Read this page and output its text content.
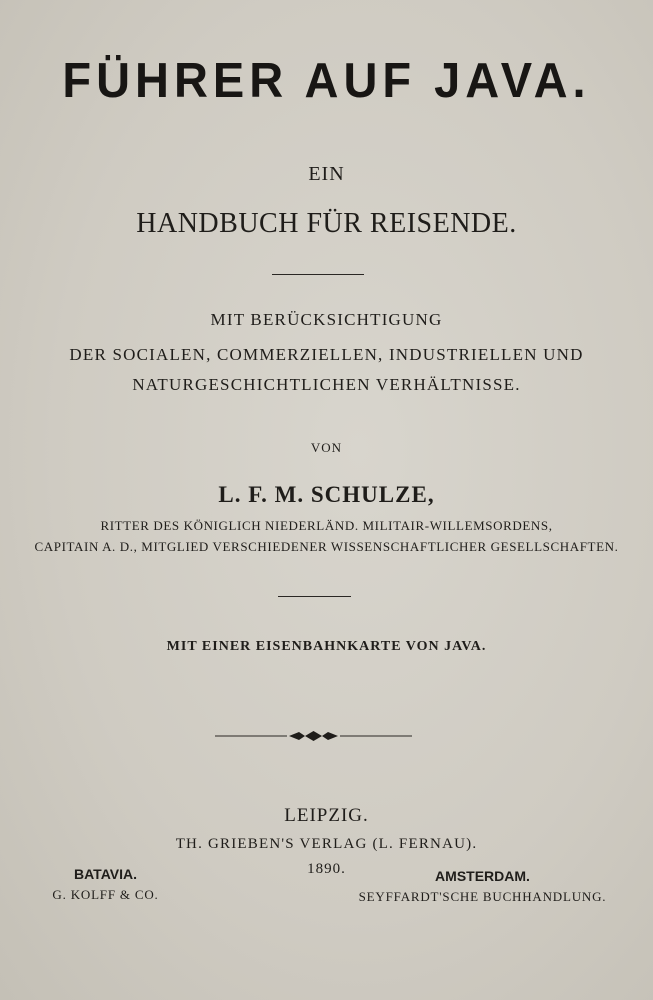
FÜHRER AUF JAVA.
EIN
HANDBUCH FÜR REISENDE.
MIT BERÜCKSICHTIGUNG
DER SOCIALEN, COMMERZIELLEN, INDUSTRIELLEN UND
NATURGESCHICHTLICHEN VERHÄLTNISSE.
VON
L. F. M. SCHULZE,
RITTER DES KÖNIGLICH NIEDERLÄND. MILITAIR-WILLEMSORDENS,
CAPITAIN A. D., MITGLIED VERSCHIEDENER WISSENSCHAFTLICHER GESELLSCHAFTEN.
MIT EINER EISENBAHNKARTE VON JAVA.
LEIPZIG.
TH. GRIEBEN'S VERLAG (L. FERNAU).
1890.
BATAVIA.
G. KOLFF & CO.
AMSTERDAM.
SEYFFARDT'SCHE BUCHHANDLUNG.
